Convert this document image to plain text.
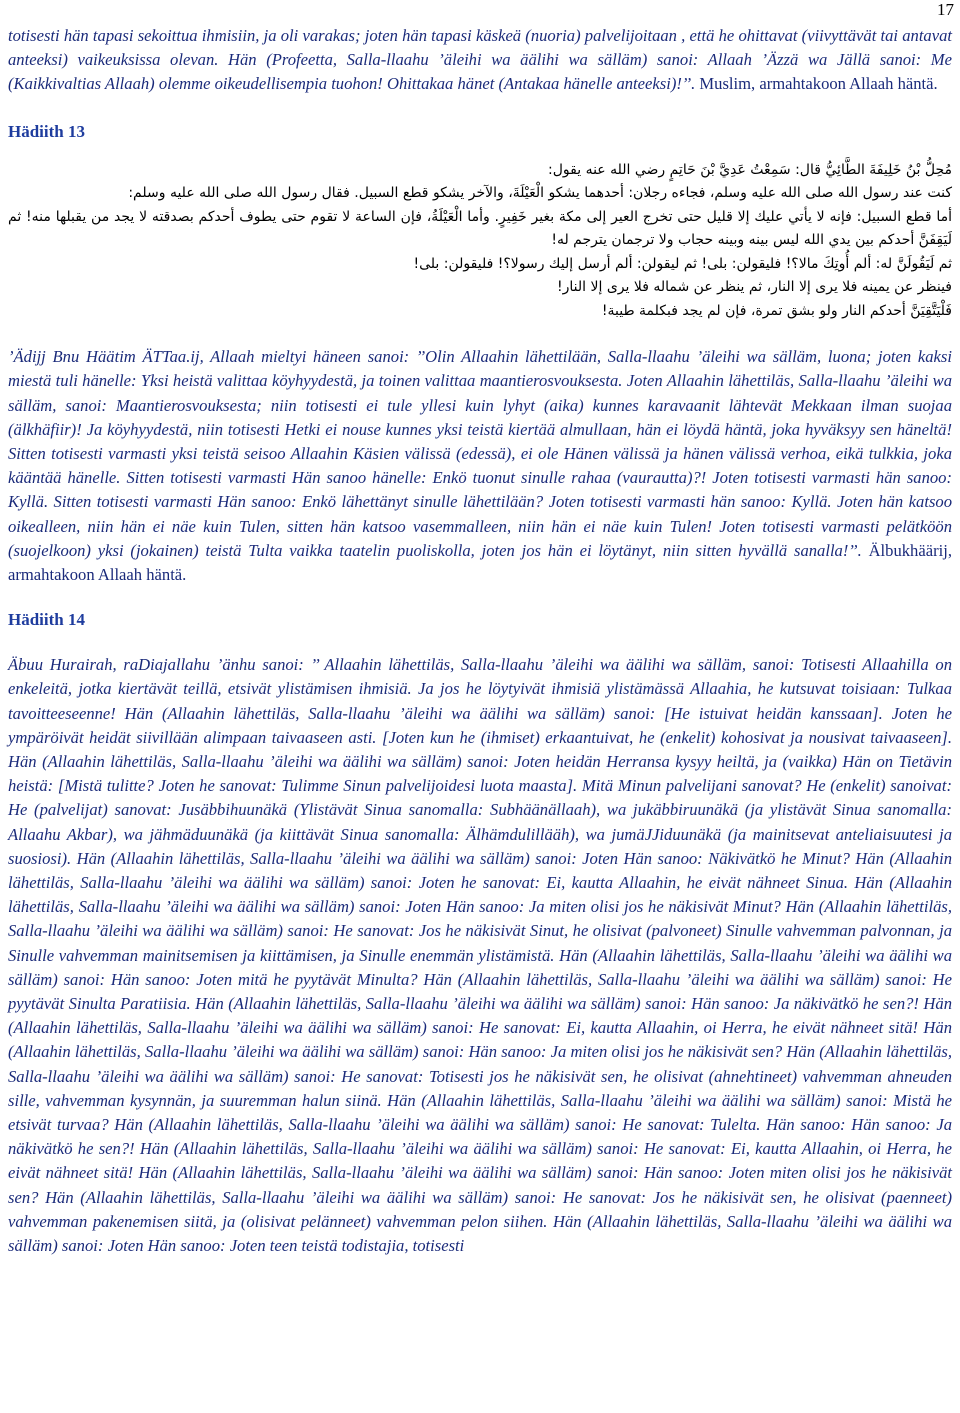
17

totisesti hän tapasi sekoittua ihmisiin, ja oli varakas; joten hän tapasi käskeä (nuoria) palvelijoitaan , että he ohittavat (viivyttävät tai antavat anteeksi) vaikeuksissa olevan. Hän (Profeetta, Salla-llaahu ’äleihi wa äälihi wa sälläm) sanoi: Allaah ’Äzzä wa Jällä sanoi: Me (Kaikkivaltias Allaah) olemme oikeudellisempia tuohon! Ohittakaa hänet (Antakaa hänelle anteeksi)!’’. Muslim, armahtakoon Allaah häntä.

Hädiith 13
مُحِلُّ بْنُ خَلِيفَةَ الطَّائِيُّ قال: سَمِعْتُ عَدِيَّ بْنَ حَاتِمٍ رضي الله عنه يقول:
كنت عند رسول الله صلى الله عليه وسلم، فجاءه رجلان: أحدهما يشكو الْعَيْلَةَ، والآخر يشكو قطع السبيل. فقال رسول الله صلى الله عليه وسلم:
أما قطع السبيل: فإنه لا يأتي عليك إلا قليل حتى تخرج العير إلى مكة بغير خَفِيرٍ. وأما الْعَيْلَةُ، فإن الساعة لا تقوم حتى يطوف أحدكم بصدقته لا يجد من يقبلها منه! ثم لَيَقِفَنَّ أحدكم بين يدي الله ليس بينه وبينه حجاب ولا ترجمان يترجم له!
ثم لَيَقُولَنَّ له: ألم أُوتِكَ مالا؟! فليقولن: بلى! ثم ليقولن: ألم أرسل إليك رسولا؟! فليقولن: بلى!
فينظر عن يمينه فلا يرى إلا النار، ثم ينظر عن شماله فلا يرى إلا النار!
فَلْيَتَّقِيَنَّ أحدكم النار ولو بشق تمرة، فإن لم يجد فبكلمة طيبة!

’Ädijj Bnu Häätim ÄTTaa.ij, Allaah mieltyi häneen sanoi: ’’Olin Allaahin lähettilään, Salla-llaahu ’äleihi wa sälläm, luona; joten kaksi miestä tuli hänelle: Yksi heistä valittaa köyhyydestä, ja toinen valittaa maantierosvouksesta. Joten Allaahin lähettiläs, Salla-llaahu ’äleihi wa sälläm, sanoi: Maantierosvouksesta; niin totisesti ei tule yllesi kuin lyhyt (aika) kunnes karavaanit lähtevät Mekkaan ilman suojaa (älkhäfiir)! Ja köyhyydestä, niin totisesti Hetki ei nouse kunnes yksi teistä kiertää almullaan, hän ei löydä häntä, joka hyväksyy sen häneltä! Sitten totisesti varmasti yksi teistä seisoo Allaahin Käsien välissä (edessä), ei ole Hänen välissä ja hänen välissä verhoa, eikä tulkkia, joka kääntää hänelle. Sitten totisesti varmasti Hän sanoo hänelle: Enkö tuonut sinulle rahaa (vaurautta)?! Joten totisesti varmasti hän sanoo: Kyllä. Sitten totisesti varmasti Hän sanoo: Enkö lähettänyt sinulle lähettilään? Joten totisesti varmasti hän sanoo: Kyllä. Joten hän katsoo oikealleen, niin hän ei näe kuin Tulen, sitten hän katsoo vasemmalleen, niin hän ei näe kuin Tulen! Joten totisesti varmasti pelätköön (suojelkoon) yksi (jokainen) teistä Tulta vaikka taatelin puoliskolla, joten jos hän ei löytänyt, niin sitten hyvällä sanalla!’’. Älbukhäärij, armahtakoon Allaah häntä.

Hädiith 14

Äbuu Hurairah, raDiajallahu ’änhu sanoi: ’’ Allaahin lähettiläs, Salla-llaahu ’äleihi wa äälihi wa sälläm, sanoi: Totisesti Allaahilla on enkeleitä, jotka kiertävät teillä, etsivät ylistämisen ihmisiä. Ja jos he löytyivät ihmisiä ylistämässä Allaahia, he kutsuvat toisiaan: Tulkaa tavoitteeseenne! Hän (Allaahin lähettiläs, Salla-llaahu ’äleihi wa äälihi wa sälläm) sanoi: [He istuivat heidän kanssaan]. Joten he ympäröivät heidät siivillään alimpaan taivaaseen asti. [Joten kun he (ihmiset) erkaantuivat, he (enkelit) kohosivat ja nousivat taivaaseen]. Hän (Allaahin lähettiläs, Salla-llaahu ’äleihi wa äälihi wa sälläm) sanoi: Joten heidän Herransa kysyy heiltä, ja (vaikka) Hän on Tietävin heistä: [Mistä tulitte? Joten he sanovat: Tulimme Sinun palvelijoidesi luota maasta]. Mitä Minun palvelijani sanovat? He (enkelit) sanoivat: He (palvelijat) sanovat: Jusäbbihuunäkä (Ylistävät Sinua sanomalla: Subhäänällaah), wa jukäbbiruunäkä (ja ylistävät Sinua sanomalla: Allaahu Akbar), wa jähmäduunäkä (ja kiittävät Sinua sanomalla: Älhämdulillääh), wa jumäJJiduunäkä (ja mainitsevat anteliaisuutesi ja suosiosi). Hän (Allaahin lähettiläs, Salla-llaahu ’äleihi wa äälihi wa sälläm) sanoi: Joten Hän sanoo: Näkivätkö he Minut? Hän (Allaahin lähettiläs, Salla-llaahu ’äleihi wa äälihi wa sälläm) sanoi: Joten he sanovat: Ei, kautta Allaahin, he eivät nähneet Sinua. Hän (Allaahin lähettiläs, Salla-llaahu ’äleihi wa äälihi wa sälläm) sanoi: Joten Hän sanoo: Ja miten olisi jos he näkisivät Minut? Hän (Allaahin lähettiläs, Salla-llaahu ’äleihi wa äälihi wa sälläm) sanoi: He sanovat: Jos he näkisivät Sinut, he olisivat (palvoneet) Sinulle vahvemman palvonnan, ja Sinulle vahvemman mainitsemisen ja kiittämisen, ja Sinulle enemmän ylistämistä. Hän (Allaahin lähettiläs, Salla-llaahu ’äleihi wa äälihi wa sälläm) sanoi: Hän sanoo: Joten mitä he pyytävät Minulta? Hän (Allaahin lähettiläs, Salla-llaahu ’äleihi wa äälihi wa sälläm) sanoi: He pyytävät Sinulta Paratiisia. Hän (Allaahin lähettiläs, Salla-llaahu ’äleihi wa äälihi wa sälläm) sanoi: Hän sanoo: Ja näkivätkö he sen?! Hän (Allaahin lähettiläs, Salla-llaahu ’äleihi wa äälihi wa sälläm) sanoi: He sanovat: Ei, kautta Allaahin, oi Herra, he eivät nähneet sitä! Hän (Allaahin lähettiläs, Salla-llaahu ’äleihi wa äälihi wa sälläm) sanoi: Hän sanoo: Ja miten olisi jos he näkisivät sen? Hän (Allaahin lähettiläs, Salla-llaahu ’äleihi wa äälihi wa sälläm) sanoi: He sanovat: Totisesti jos he näkisivät sen, he olisivat (ahnehtineet) vahvemman ahneuden sille, vahvemman kysynnän, ja suuremman halun siinä. Hän (Allaahin lähettiläs, Salla-llaahu ’äleihi wa äälihi wa sälläm) sanoi: Mistä he etsivät turvaa? Hän (Allaahin lähettiläs, Salla-llaahu ’äleihi wa äälihi wa sälläm) sanoi: He sanovat: Tulelta. Hän sanoo: Hän sanoo: Ja näkivätkö he sen?! Hän (Allaahin lähettiläs, Salla-llaahu ’äleihi wa äälihi wa sälläm) sanoi: He sanovat: Ei, kautta Allaahin, oi Herra, he eivät nähneet sitä! Hän (Allaahin lähettiläs, Salla-llaahu ’äleihi wa äälihi wa sälläm) sanoi: Hän sanoo: Joten miten olisi jos he näkisivät sen? Hän (Allaahin lähettiläs, Salla-llaahu ’äleihi wa äälihi wa sälläm) sanoi: He sanovat: Jos he näkisivät sen, he olisivat (paenneet) vahvemman pakenemisen siitä, ja (olisivat pelänneet) vahvemman pelon siihen. Hän (Allaahin lähettiläs, Salla-llaahu ’äleihi wa äälihi wa sälläm) sanoi: Joten Hän sanoo: Joten teen teistä todistajia, totisesti
